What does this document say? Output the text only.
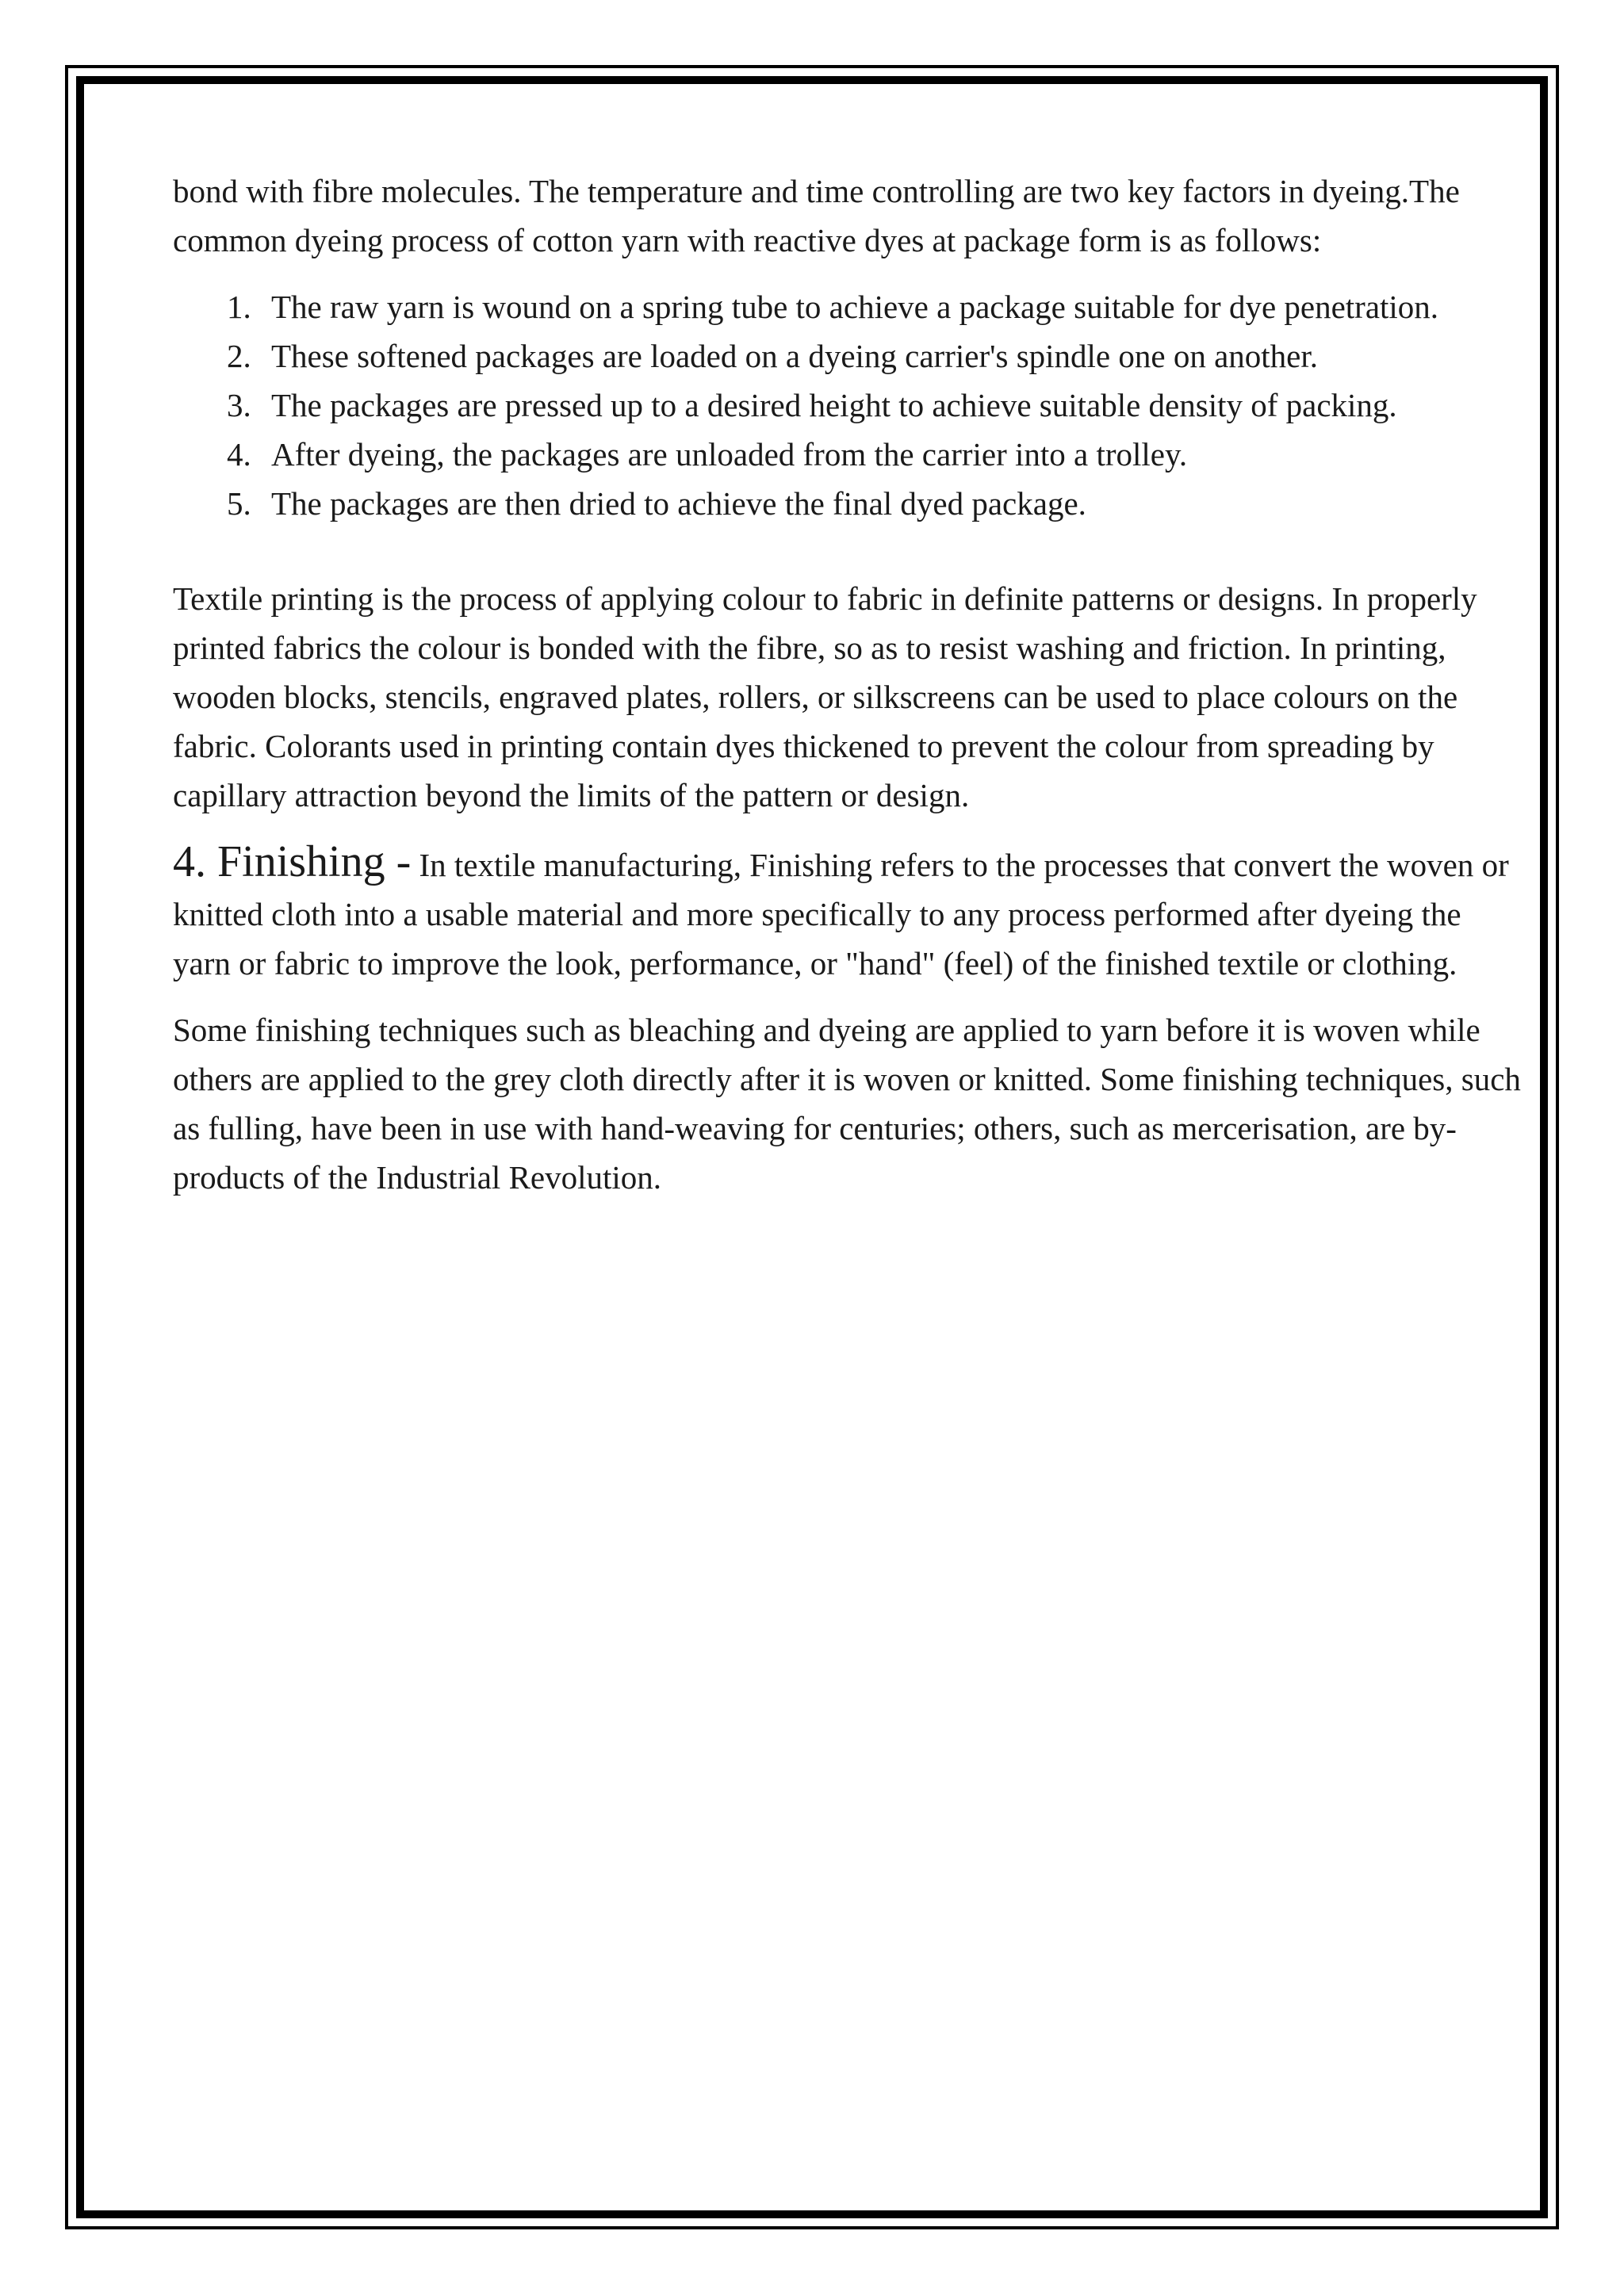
bond with fibre molecules. The temperature and time controlling are two key factors in dyeing.The common dyeing process of cotton yarn with reactive dyes at package form is as follows:

1. The raw yarn is wound on a spring tube to achieve a package suitable for dye penetration.
2. These softened packages are loaded on a dyeing carrier's spindle one on another.
3. The packages are pressed up to a desired height to achieve suitable density of packing.
4. After dyeing, the packages are unloaded from the carrier into a trolley.
5. The packages are then dried to achieve the final dyed package.

Textile printing is the process of applying colour to fabric in definite patterns or designs. In properly printed fabrics the colour is bonded with the fibre, so as to resist washing and friction. In printing, wooden blocks, stencils, engraved plates, rollers, or silkscreens can be used to place colours on the fabric. Colorants used in printing contain dyes thickened to prevent the colour from spreading by capillary attraction beyond the limits of the pattern or design.

4. Finishing - In textile manufacturing, Finishing refers to the processes that convert the woven or knitted cloth into a usable material and more specifically to any process performed after dyeing the yarn or fabric to improve the look, performance, or "hand" (feel) of the finished textile or clothing.

Some finishing techniques such as bleaching and dyeing are applied to yarn before it is woven while others are applied to the grey cloth directly after it is woven or knitted. Some finishing techniques, such as fulling, have been in use with hand-weaving for centuries; others, such as mercerisation, are by-products of the Industrial Revolution.
